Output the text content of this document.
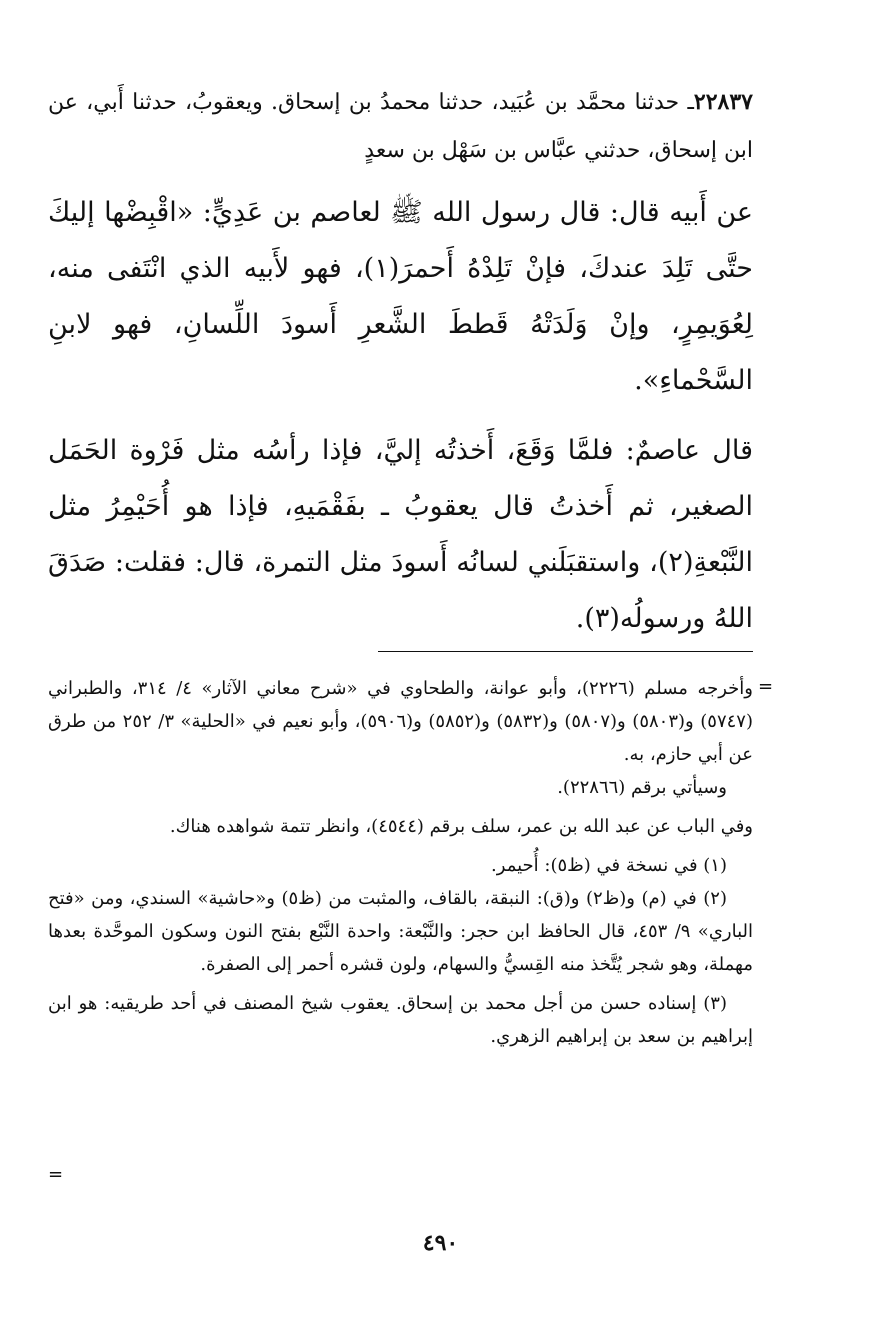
٢٢٨٣٧ـ حدثنا محمَّد بن عُبَيد، حدثنا محمدُ بن إسحاق. ويعقوبُ، حدثنا أَبي، عن ابن إسحاق، حدثني عبَّاس بن سَهْل بن سعدٍ

عن أَبيه قال: قال رسول الله ﷺ لعاصم بن عَدِيٍّ: «اقْبِضْها إليكَ حتَّى تَلِدَ عندكَ، فإنْ تَلِدْهُ أَحمرَ(١)، فهو لأَبيه الذي انْتَفى منه، لِعُوَيمِرٍ، وإنْ وَلَدَتْهُ قَططَ الشَّعرِ أَسودَ اللِّسانِ، فهو لابنِ السَّحْماءِ».

قال عاصمٌ: فلمَّا وَقَعَ، أَخذتُه إليَّ، فإذا رأسُه مثل فَرْوة الحَمَل الصغير، ثم أَخذتُ قال يعقوبُ ـ بفَقْمَيهِ، فإذا هو أُحَيْمِرُ مثل النَّبْعةِ(٢)، واستقبَلَني لسانُه أَسودَ مثل التمرة، قال: فقلت: صَدَقَ اللهُ ورسولُه(٣).

=

وأخرجه مسلم (٢٢٢٦)، وأبو عوانة، والطحاوي في «شرح معاني الآثار» ٤/ ٣١٤، والطبراني (٥٧٤٧) و(٥٨٠٣) و(٥٨٠٧) و(٥٨٣٢) و(٥٨٥٢) و(٥٩٠٦)، وأبو نعيم في «الحلية» ٣/ ٢٥٢ من طرق عن أبي حازم، به.

وسيأتي برقم (٢٢٨٦٦).

وفي الباب عن عبد الله بن عمر، سلف برقم (٤٥٤٤)، وانظر تتمة شواهده هناك.

(١) في نسخة في (ظ٥): أُحيمر.

(٢) في (م) و(ظ٢) و(ق): النبقة، بالقاف، والمثبت من (ظ٥) و«حاشية» السندي، ومن «فتح الباري» ٩/ ٤٥٣، قال الحافظ ابن حجر: والنَّبْعة: واحدة النَّبْع بفتح النون وسكون الموحَّدة بعدها مهملة، وهو شجر يُتَّخذ منه القِسيُّ والسهام، ولون قشره أحمر إلى الصفرة.

(٣) إسناده حسن من أجل محمد بن إسحاق. يعقوب شيخ المصنف في أحد طريقيه: هو ابن إبراهيم بن سعد بن إبراهيم الزهري.

=
٤٩٠
